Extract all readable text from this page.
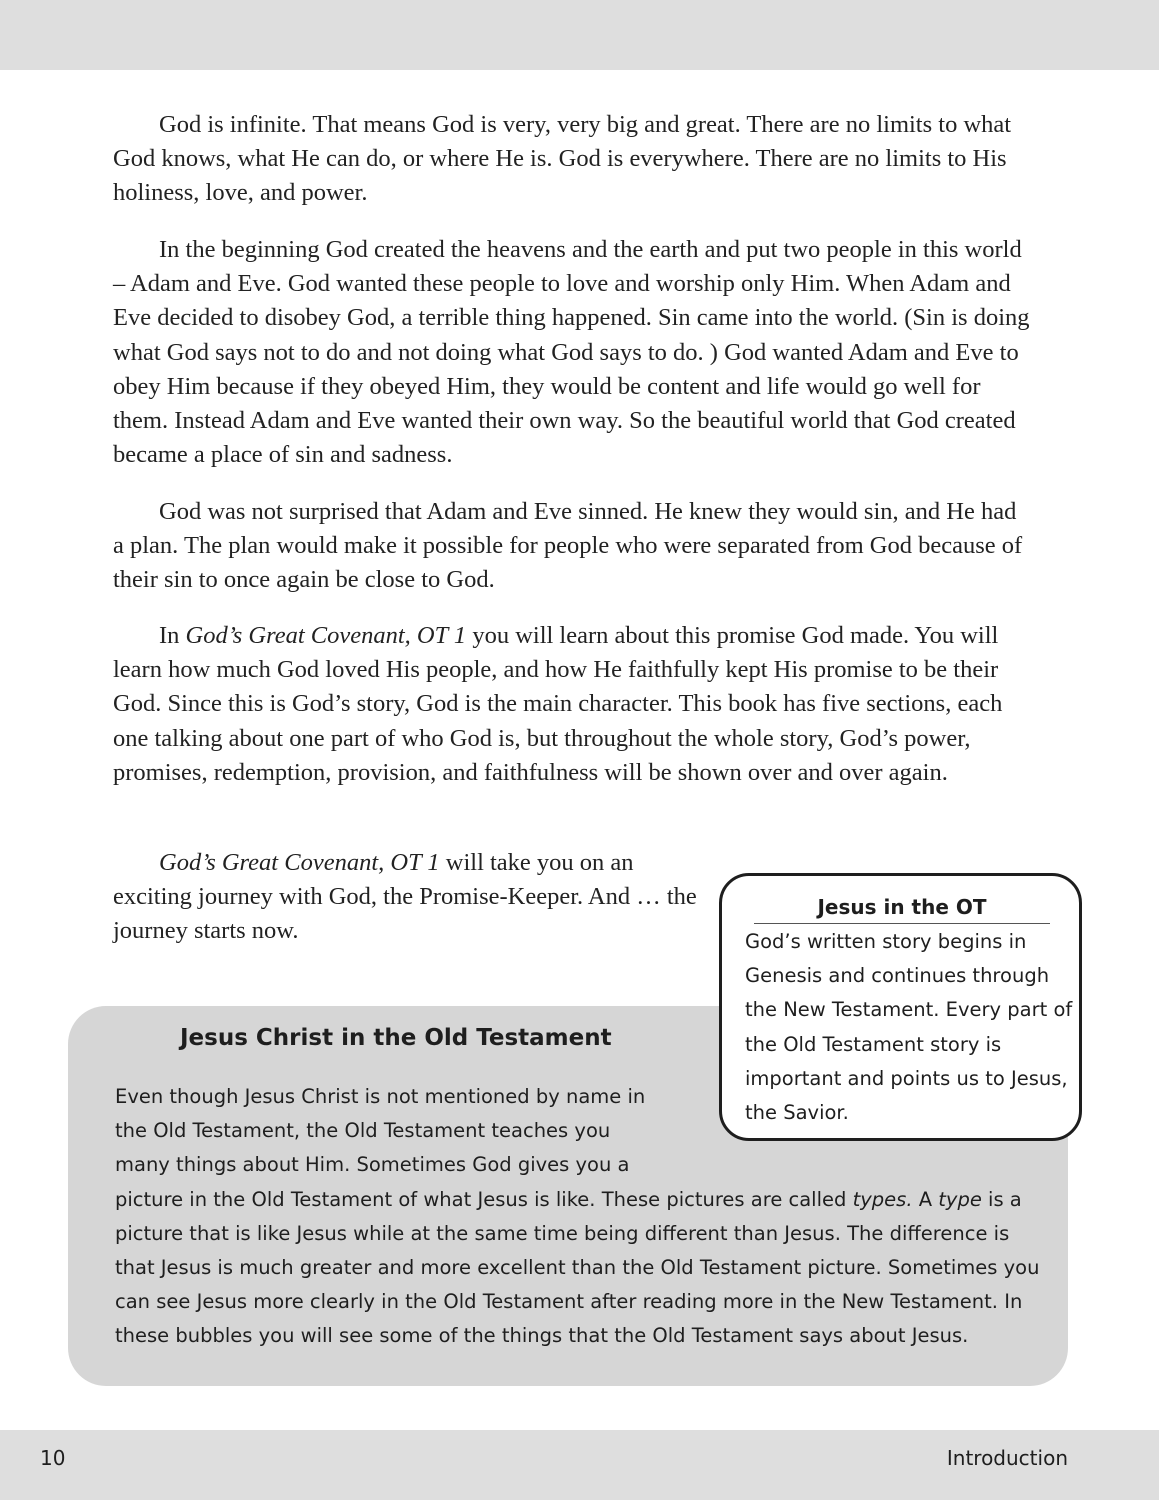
God is infinite. That means God is very, very big and great. There are no limits to what God knows, what He can do, or where He is. God is everywhere. There are no limits to His holiness, love, and power.

In the beginning God created the heavens and the earth and put two people in this world – Adam and Eve. God wanted these people to love and worship only Him. When Adam and Eve decided to disobey God, a terrible thing happened. Sin came into the world. (Sin is doing what God says not to do and not doing what God says to do. ) God wanted Adam and Eve to obey Him because if they obeyed Him, they would be content and life would go well for them. Instead Adam and Eve wanted their own way. So the beautiful world that God created became a place of sin and sadness.

God was not surprised that Adam and Eve sinned. He knew they would sin, and He had a plan. The plan would make it possible for people who were separated from God because of their sin to once again be close to God.

In God’s Great Covenant, OT 1 you will learn about this promise God made. You will learn how much God loved His people, and how He faithfully kept His promise to be their God. Since this is God’s story, God is the main character. This book has five sections, each one talking about one part of who God is, but throughout the whole story, God’s power, promises, redemption, provision, and faithfulness will be shown over and over again.

God’s Great Covenant, OT 1 will take you on an exciting journey with God, the Promise-Keeper. And … the journey starts now.

Jesus Christ in the Old Testament

Even though Jesus Christ is not mentioned by name in the Old Testament, the Old Testament teaches you many things about Him. Sometimes God gives you a picture in the Old Testament of what Jesus is like. These pictures are called types. A type is a picture that is like Jesus while at the same time being different than Jesus. The difference is that Jesus is much greater and more excellent than the Old Testament picture. Sometimes you can see Jesus more clearly in the Old Testament after reading more in the New Testament. In these bubbles you will see some of the things that the Old Testament says about Jesus.

Jesus in the OT

God’s written story begins in Genesis and continues through the New Testament. Every part of the Old Testament story is important and points us to Jesus, the Savior.

10	Introduction
